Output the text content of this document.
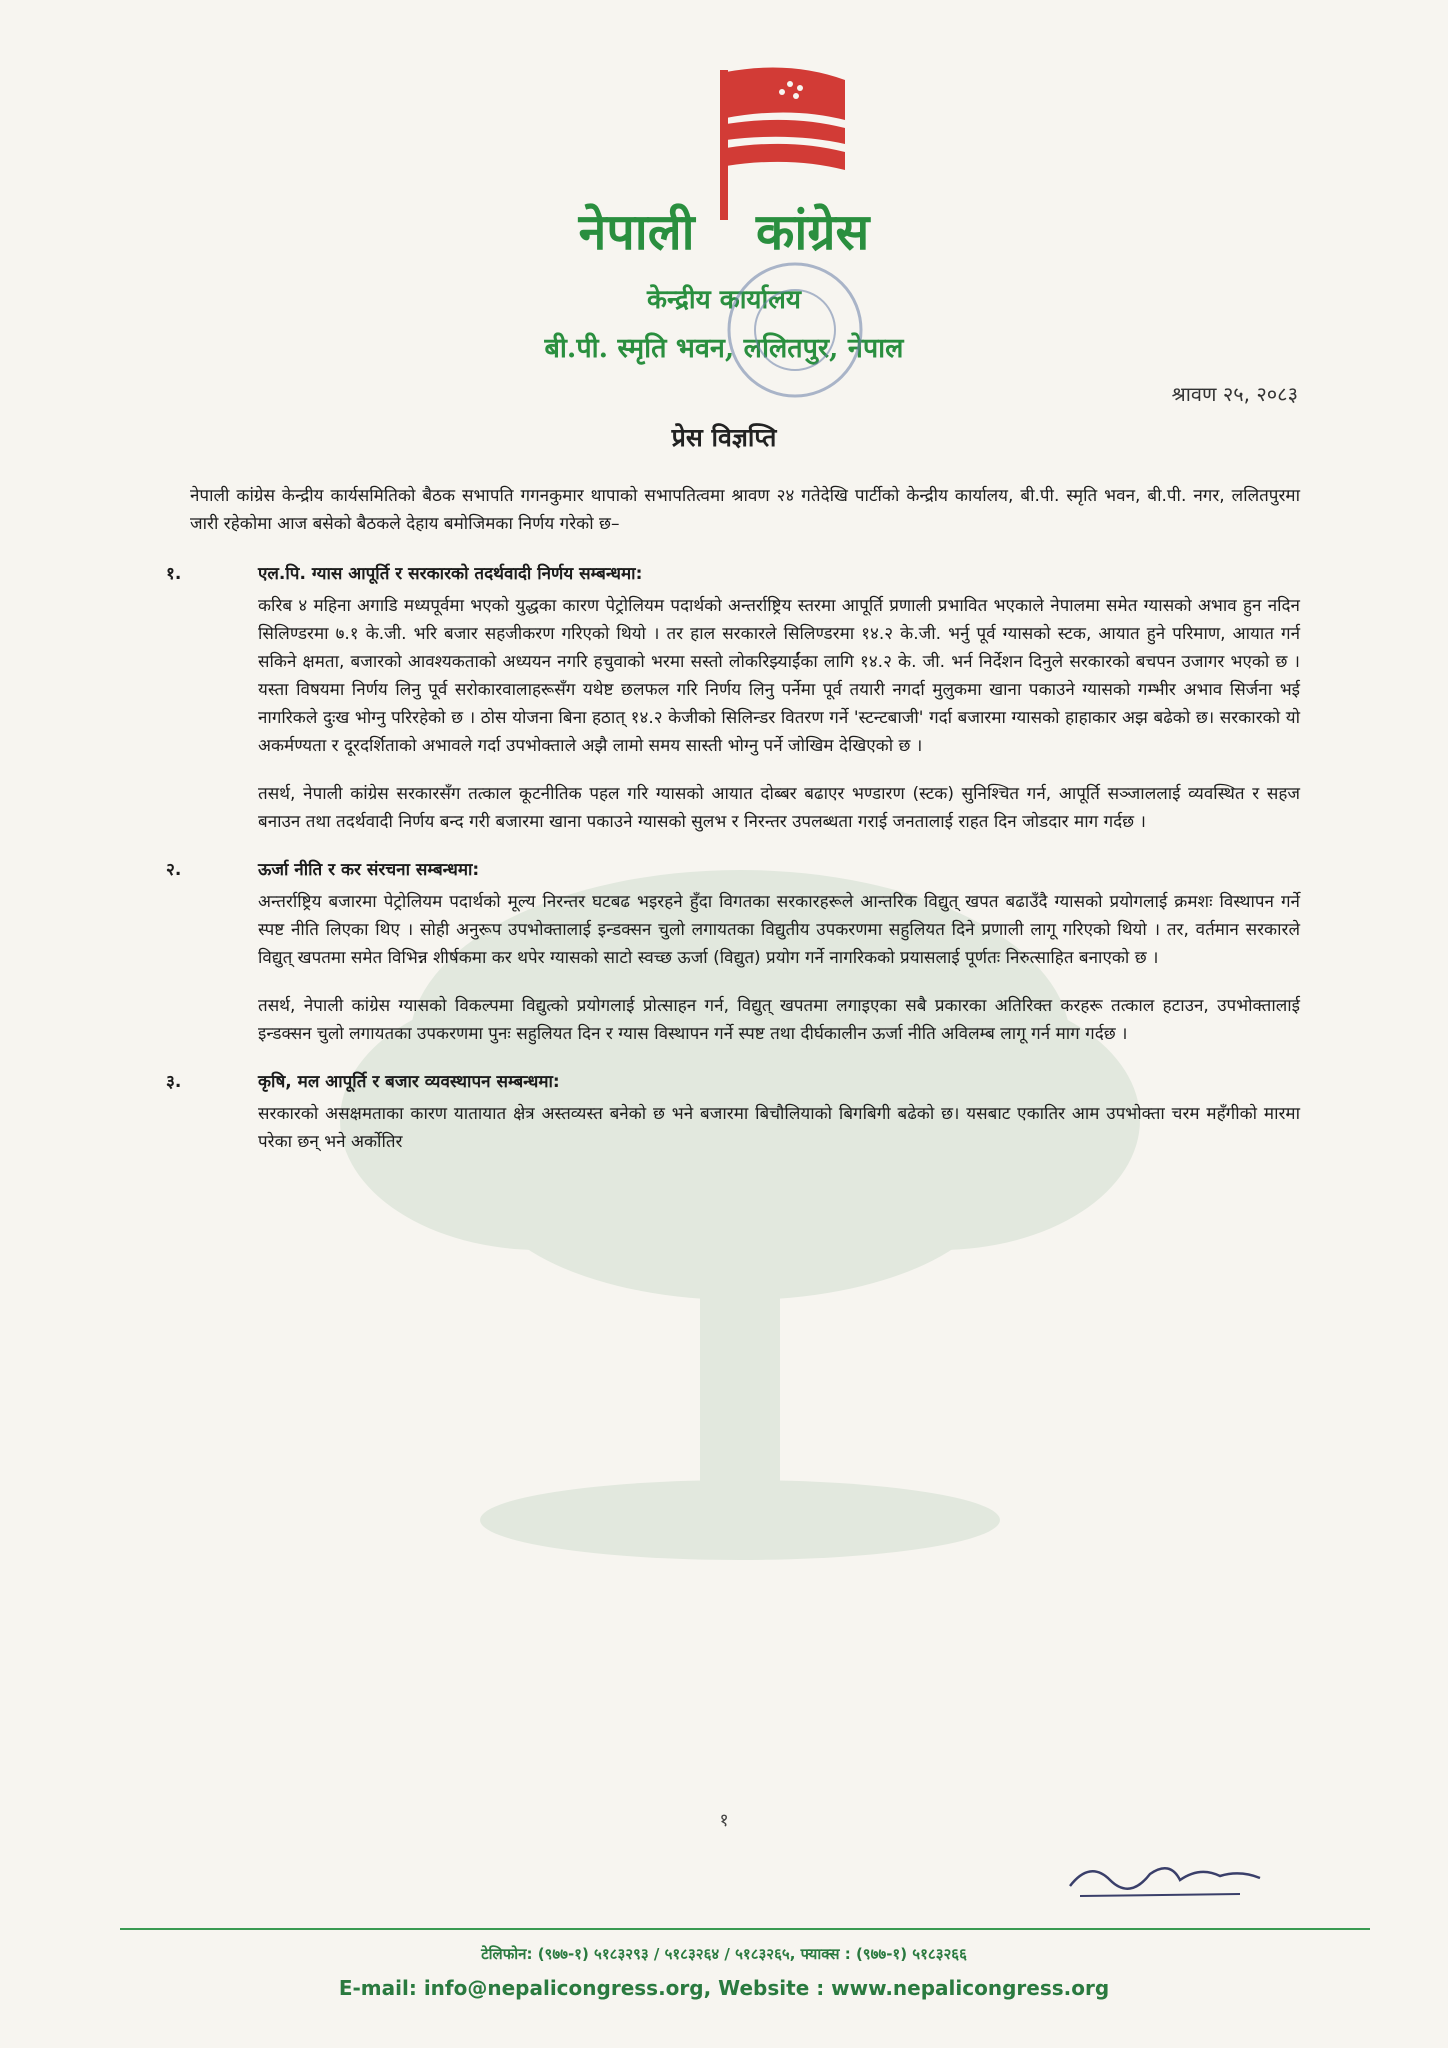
नेपाली कांग्रेस
केन्द्रीय कार्यालय
बी.पी. स्मृति भवन, ललितपुर, नेपाल
श्रावण २५, २०८३
प्रेस विज्ञप्ति

नेपाली कांग्रेस केन्द्रीय कार्यसमितिको बैठक सभापति गगनकुमार थापाको सभापतित्वमा श्रावण २४ गतेदेखि पार्टीको केन्द्रीय कार्यालय, बी.पी. स्मृति भवन, बी.पी. नगर, ललितपुरमा जारी रहेकोमा आज बसेको बैठकले देहाय बमोजिमका निर्णय गरेको छ–

१.	एल.पि. ग्यास आपूर्ति र सरकारको तदर्थवादी निर्णय सम्बन्धमा:

करिब ४ महिना अगाडि मध्यपूर्वमा भएको युद्धका कारण पेट्रोलियम पदार्थको अन्तर्राष्ट्रिय स्तरमा आपूर्ति प्रणाली प्रभावित भएकाले नेपालमा समेत ग्यासको अभाव हुन नदिन सिलिण्डरमा ७.१ के.जी. भरि बजार सहजीकरण गरिएको थियो । तर हाल सरकारले सिलिण्डरमा १४.२ के.जी. भर्नु पूर्व ग्यासको स्टक, आयात हुने परिमाण, आयात गर्न सकिने क्षमता, बजारको आवश्यकताको अध्ययन नगरि हचुवाको भरमा सस्तो लोकरिझ्याईंका लागि १४.२ के. जी. भर्न निर्देशन दिनुले सरकारको बचपन उजागर भएको छ । यस्ता विषयमा निर्णय लिनु पूर्व सरोकारवालाहरूसँग यथेष्ट छलफल गरि निर्णय लिनु पर्नेमा पूर्व तयारी नगर्दा मुलुकमा खाना पकाउने ग्यासको गम्भीर अभाव सिर्जना भई नागरिकले दुःख भोग्नु परिरहेको छ । ठोस योजना बिना हठात् १४.२ केजीको सिलिन्डर वितरण गर्ने 'स्टन्टबाजी' गर्दा बजारमा ग्यासको हाहाकार अझ बढेको छ। सरकारको यो अकर्मण्यता र दूरदर्शिताको अभावले गर्दा उपभोक्ताले अझै लामो समय सास्ती भोग्नु पर्ने जोखिम देखिएको छ ।

तसर्थ, नेपाली कांग्रेस सरकारसँग तत्काल कूटनीतिक पहल गरि ग्यासको आयात दोब्बर बढाएर भण्डारण (स्टक) सुनिश्चित गर्न, आपूर्ति सञ्जाललाई व्यवस्थित र सहज बनाउन तथा तदर्थवादी निर्णय बन्द गरी बजारमा खाना पकाउने ग्यासको सुलभ र निरन्तर उपलब्धता गराई जनतालाई राहत दिन जोडदार माग गर्दछ ।

२.	ऊर्जा नीति र कर संरचना सम्बन्धमा:

अन्तर्राष्ट्रिय बजारमा पेट्रोलियम पदार्थको मूल्य निरन्तर घटबढ भइरहने हुँदा विगतका सरकारहरूले आन्तरिक विद्युत् खपत बढाउँदै ग्यासको प्रयोगलाई क्रमशः विस्थापन गर्ने स्पष्ट नीति लिएका थिए । सोही अनुरूप उपभोक्तालाई इन्डक्सन चुलो लगायतका विद्युतीय उपकरणमा सहुलियत दिने प्रणाली लागू गरिएको थियो । तर, वर्तमान सरकारले विद्युत् खपतमा समेत विभिन्न शीर्षकमा कर थपेर ग्यासको साटो स्वच्छ ऊर्जा (विद्युत) प्रयोग गर्ने नागरिकको प्रयासलाई पूर्णतः निरुत्साहित बनाएको छ ।

तसर्थ, नेपाली कांग्रेस ग्यासको विकल्पमा विद्युत्को प्रयोगलाई प्रोत्साहन गर्न, विद्युत् खपतमा लगाइएका सबै प्रकारका अतिरिक्त करहरू तत्काल हटाउन, उपभोक्तालाई इन्डक्सन चुलो लगायतका उपकरणमा पुनः सहुलियत दिन र ग्यास विस्थापन गर्ने स्पष्ट तथा दीर्घकालीन ऊर्जा नीति अविलम्ब लागू गर्न माग गर्दछ ।

३.	कृषि, मल आपूर्ति र बजार व्यवस्थापन सम्बन्धमा:

सरकारको असक्षमताका कारण यातायात क्षेत्र अस्तव्यस्त बनेको छ भने बजारमा बिचौलियाको बिगबिगी बढेको छ। यसबाट एकातिर आम उपभोक्ता चरम महँगीको मारमा परेका छन् भने अर्कोतिर

१
टेलिफोन: (९७७-१) ५१८३२९३ / ५१८३२६४ / ५१८३२६५, फ्याक्स : (९७७-१) ५१८३२६६
E-mail: info@nepalicongress.org, Website : www.nepalicongress.org
